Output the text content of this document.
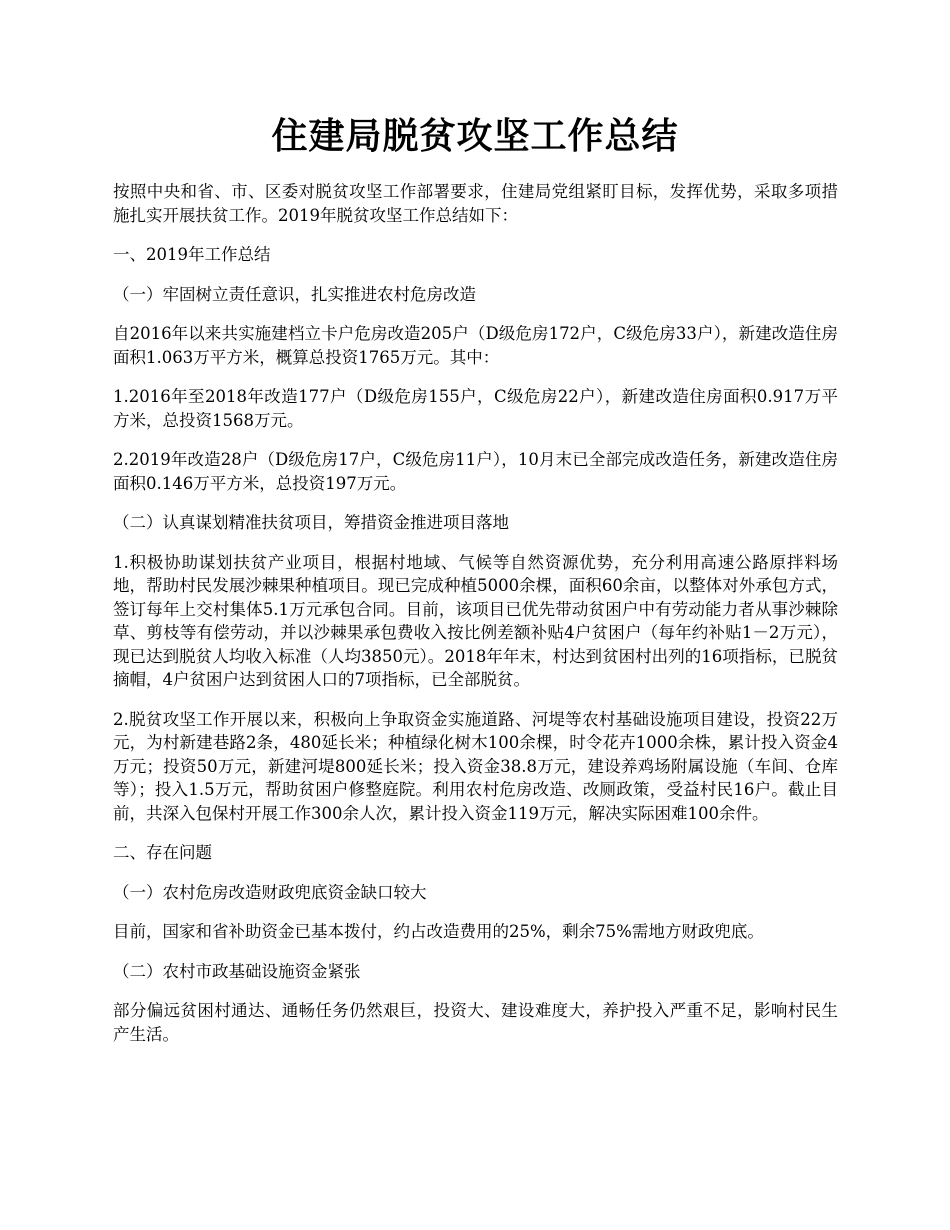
住建局脱贫攻坚工作总结

按照中央和省、市、区委对脱贫攻坚工作部署要求，住建局党组紧盯目标，发挥优势，采取多项措施扎实开展扶贫工作。2019年脱贫攻坚工作总结如下：

一、2019年工作总结

（一）牢固树立责任意识，扎实推进农村危房改造

自2016年以来共实施建档立卡户危房改造205户（D级危房172户，C级危房33户），新建改造住房面积1.063万平方米，概算总投资1765万元。其中：

1.2016年至2018年改造177户（D级危房155户，C级危房22户），新建改造住房面积0.917万平方米，总投资1568万元。

2.2019年改造28户（D级危房17户，C级危房11户），10月末已全部完成改造任务，新建改造住房面积0.146万平方米，总投资197万元。

（二）认真谋划精准扶贫项目，筹措资金推进项目落地

1.积极协助谋划扶贫产业项目，根据村地域、气候等自然资源优势，充分利用高速公路原拌料场地，帮助村民发展沙棘果种植项目。现已完成种植5000余棵，面积60余亩，以整体对外承包方式，签订每年上交村集体5.1万元承包合同。目前，该项目已优先带动贫困户中有劳动能力者从事沙棘除草、剪枝等有偿劳动，并以沙棘果承包费收入按比例差额补贴4户贫困户（每年约补贴1－2万元），现已达到脱贫人均收入标准（人均3850元）。2018年年末，村达到贫困村出列的16项指标，已脱贫摘帽，4户贫困户达到贫困人口的7项指标，已全部脱贫。

2.脱贫攻坚工作开展以来，积极向上争取资金实施道路、河堤等农村基础设施项目建设，投资22万元，为村新建巷路2条，480延长米；种植绿化树木100余棵，时令花卉1000余株，累计投入资金4万元；投资50万元，新建河堤800延长米；投入资金38.8万元，建设养鸡场附属设施（车间、仓库等）；投入1.5万元，帮助贫困户修整庭院。利用农村危房改造、改厕政策，受益村民16户。截止目前，共深入包保村开展工作300余人次，累计投入资金119万元，解决实际困难100余件。

二、存在问题

（一）农村危房改造财政兜底资金缺口较大

目前，国家和省补助资金已基本拨付，约占改造费用的25%，剩余75%需地方财政兜底。

（二）农村市政基础设施资金紧张

部分偏远贫困村通达、通畅任务仍然艰巨，投资大、建设难度大，养护投入严重不足，影响村民生产生活。
